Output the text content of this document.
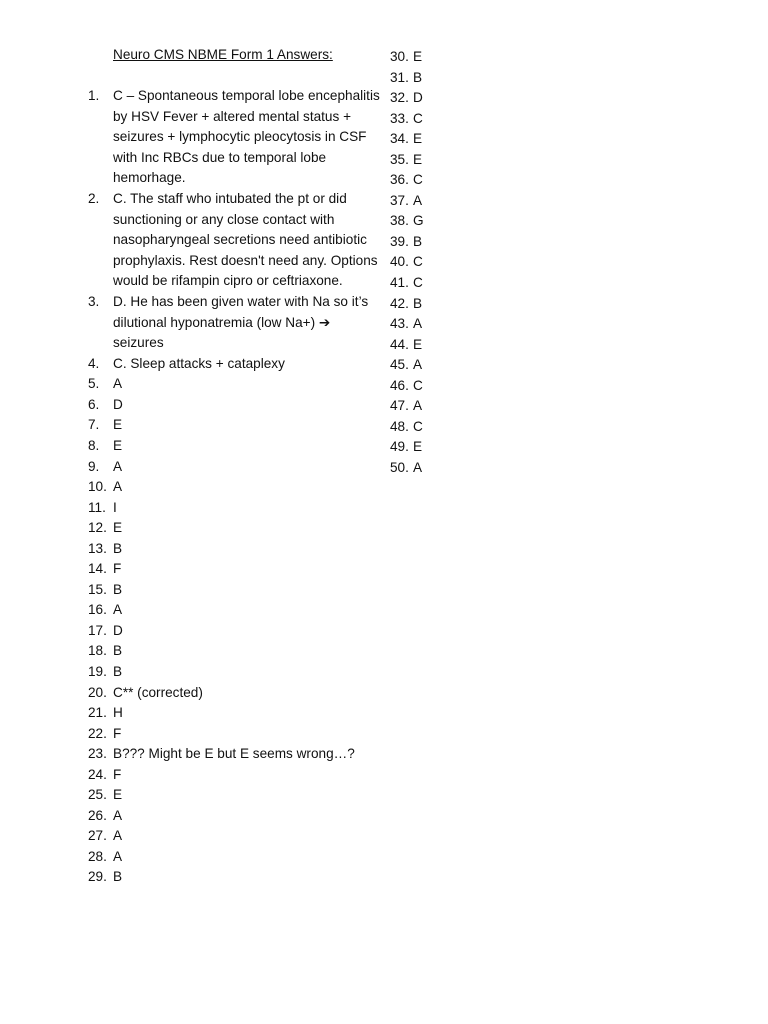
Neuro CMS NBME Form 1 Answers:
1.	C – Spontaneous temporal lobe encephalitis by HSV Fever + altered mental status + seizures + lymphocytic pleocytosis in CSF with Inc RBCs due to temporal lobe hemorhage.
2.	C. The staff who intubated the pt or did sunctioning or any close contact with nasopharyngeal secretions need antibiotic prophylaxis. Rest doesn't need any. Options would be rifampin cipro or ceftriaxone.
3.	D. He has been given water with Na so it’s dilutional hyponatremia (low Na+) ➔ seizures
4.	C. Sleep attacks + cataplexy
5.	A
6.	D
7.	E
8.	E
9.	A
10. A
11. I
12. E
13. B
14. F
15. B
16. A
17. D
18. B
19. B
20. C** (corrected)
21. H
22. F
23. B??? Might be E but E seems wrong…?
24. F
25. E
26. A
27. A
28. A
29. B
30. E
31. B
32. D
33. C
34. E
35. E
36. C
37. A
38. G
39. B
40. C
41. C
42. B
43. A
44. E
45. A
46. C
47. A
48. C
49. E
50. A
